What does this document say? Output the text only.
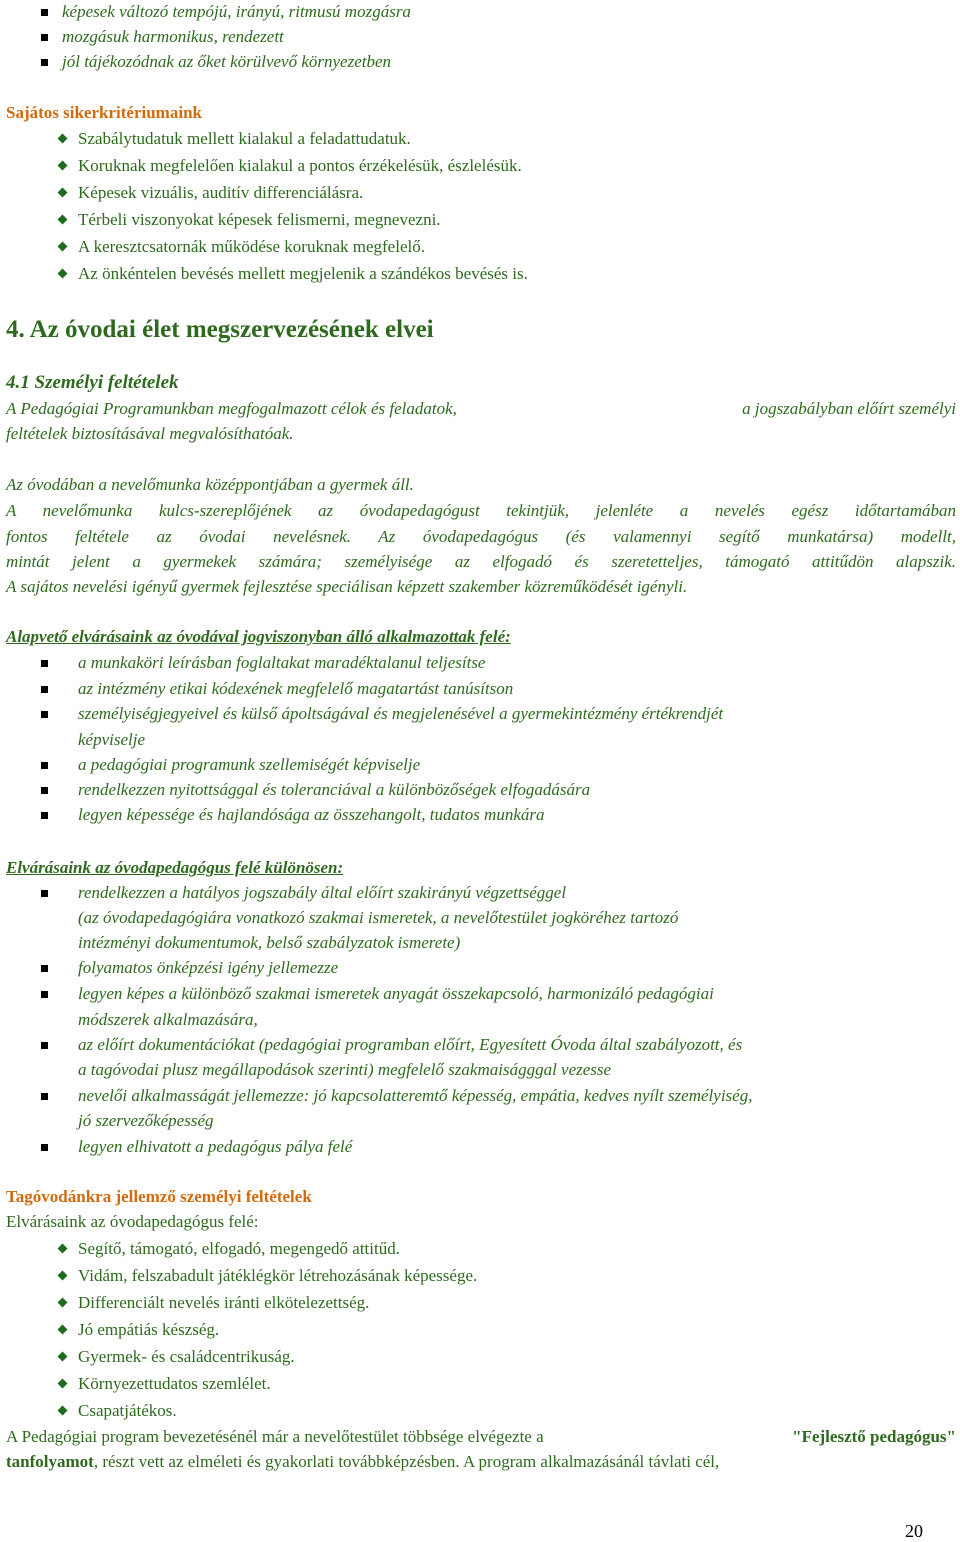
képesek változó tempójú, irányú, ritmusú mozgásra
mozgásuk harmonikus, rendezett
jól tájékozódnak az őket körülvevő környezetben
Sajátos sikerkritériumaink
Szabálytudatuk mellett kialakul a feladattudatuk.
Koruknak megfelelően kialakul a pontos érzékelésük, észlelésük.
Képesek vizuális, auditív differenciálásra.
Térbeli viszonyokat képesek felismerni, megnevezni.
A keresztcsatornák működése koruknak megfelelő.
Az önkéntelen bevésés mellett megjelenik a szándékos bevésés is.
4. Az óvodai élet megszervezésének elvei
4.1 Személyi feltételek
A Pedagógiai Programunkban megfogalmazott célok és feladatok,	a jogszabályban előírt személyi
feltételek biztosításával megvalósíthatóak.
Az óvodában a nevelőmunka középpontjában a gyermek áll.
A nevelőmunka kulcs-szereplőjének az óvodapedagógust tekintjük, jelenléte a nevelés egész időtartamában
fontos feltétele az óvodai nevelésnek. Az óvodapedagógus (és valamennyi segítő munkatársa) modellt,
mintát jelent a gyermekek számára; személyisége az elfogadó és szeretetteljes, támogató attitűdön alapszik.
A sajátos nevelési igényű gyermek fejlesztése speciálisan képzett szakember közreműködését igényli.
Alapvető elvárásaink az óvodával jogviszonyban álló alkalmazottak felé:
a munkaköri leírásban foglaltakat maradéktalanul teljesítse
az intézmény etikai kódexének megfelelő magatartást tanúsítson
személyiségjegyeivel és külső ápoltságával és megjelenésével a gyermekintézmény értékrendjét
képviselje
a pedagógiai programunk szellemiségét képviselje
rendelkezzen nyitottsággal és toleranciával a különbözőségek elfogadására
legyen képessége és hajlandósága az összehangolt, tudatos munkára
Elvárásaink az óvodapedagógus felé különösen:
rendelkezzen a hatályos jogszabály által előírt szakirányú végzettséggel
(az óvodapedagógiára vonatkozó szakmai ismeretek, a nevelőtestület jogköréhez tartozó
intézményi dokumentumok, belső szabályzatok ismerete)
folyamatos önképzési igény jellemezze
legyen képes a különböző szakmai ismeretek anyagát összekapcsoló, harmonizáló pedagógiai
módszerek alkalmazására,
az előírt dokumentációkat (pedagógiai programban előírt, Egyesített Óvoda által szabályozott, és
a tagóvodai plusz megállapodások szerinti) megfelelő szakmaiságggal vezesse
nevelői alkalmasságát jellemezze: jó kapcsolatteremtő képesség, empátia, kedves nyílt személyiség,
jó szervezőképesség
legyen elhivatott a pedagógus pálya felé
Tagóvodánkra jellemző személyi feltételek
Elvárásaink az óvodapedagógus felé:
Segítő, támogató, elfogadó, megengedő attitűd.
Vidám, felszabadult játéklégkör létrehozásának képessége.
Differenciált nevelés iránti elkötelezettség.
Jó empátiás készség.
Gyermek- és családcentrikuság.
Környezettudatos szemlélet.
Csapatjátékos.
A Pedagógiai program bevezetésénél már a nevelőtestület többsége elvégezte a	"Fejlesztő pedagógus"
tanfolyamot, részt vett az elméleti és gyakorlati továbbképzésben. A program alkalmazásánál távlati cél,
20
